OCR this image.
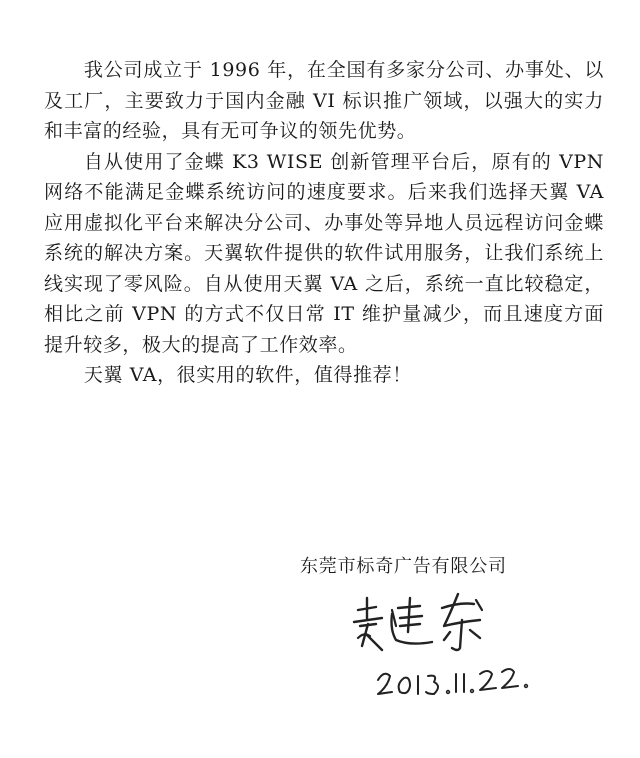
我公司成立于 1996 年，在全国有多家分公司、办事处、以及工厂，主要致力于国内金融 VI 标识推广领域，以强大的实力和丰富的经验，具有无可争议的领先优势。

自从使用了金蝶 K3 WISE 创新管理平台后，原有的 VPN 网络不能满足金蝶系统访问的速度要求。后来我们选择天翼 VA 应用虚拟化平台来解决分公司、办事处等异地人员远程访问金蝶系统的解决方案。天翼软件提供的软件试用服务，让我们系统上线实现了零风险。自从使用天翼 VA 之后，系统一直比较稳定，相比之前 VPN 的方式不仅日常 IT 维护量减少，而且速度方面提升较多，极大的提高了工作效率。

天翼 VA，很实用的软件，值得推荐！

东莞市标奇广告有限公司
